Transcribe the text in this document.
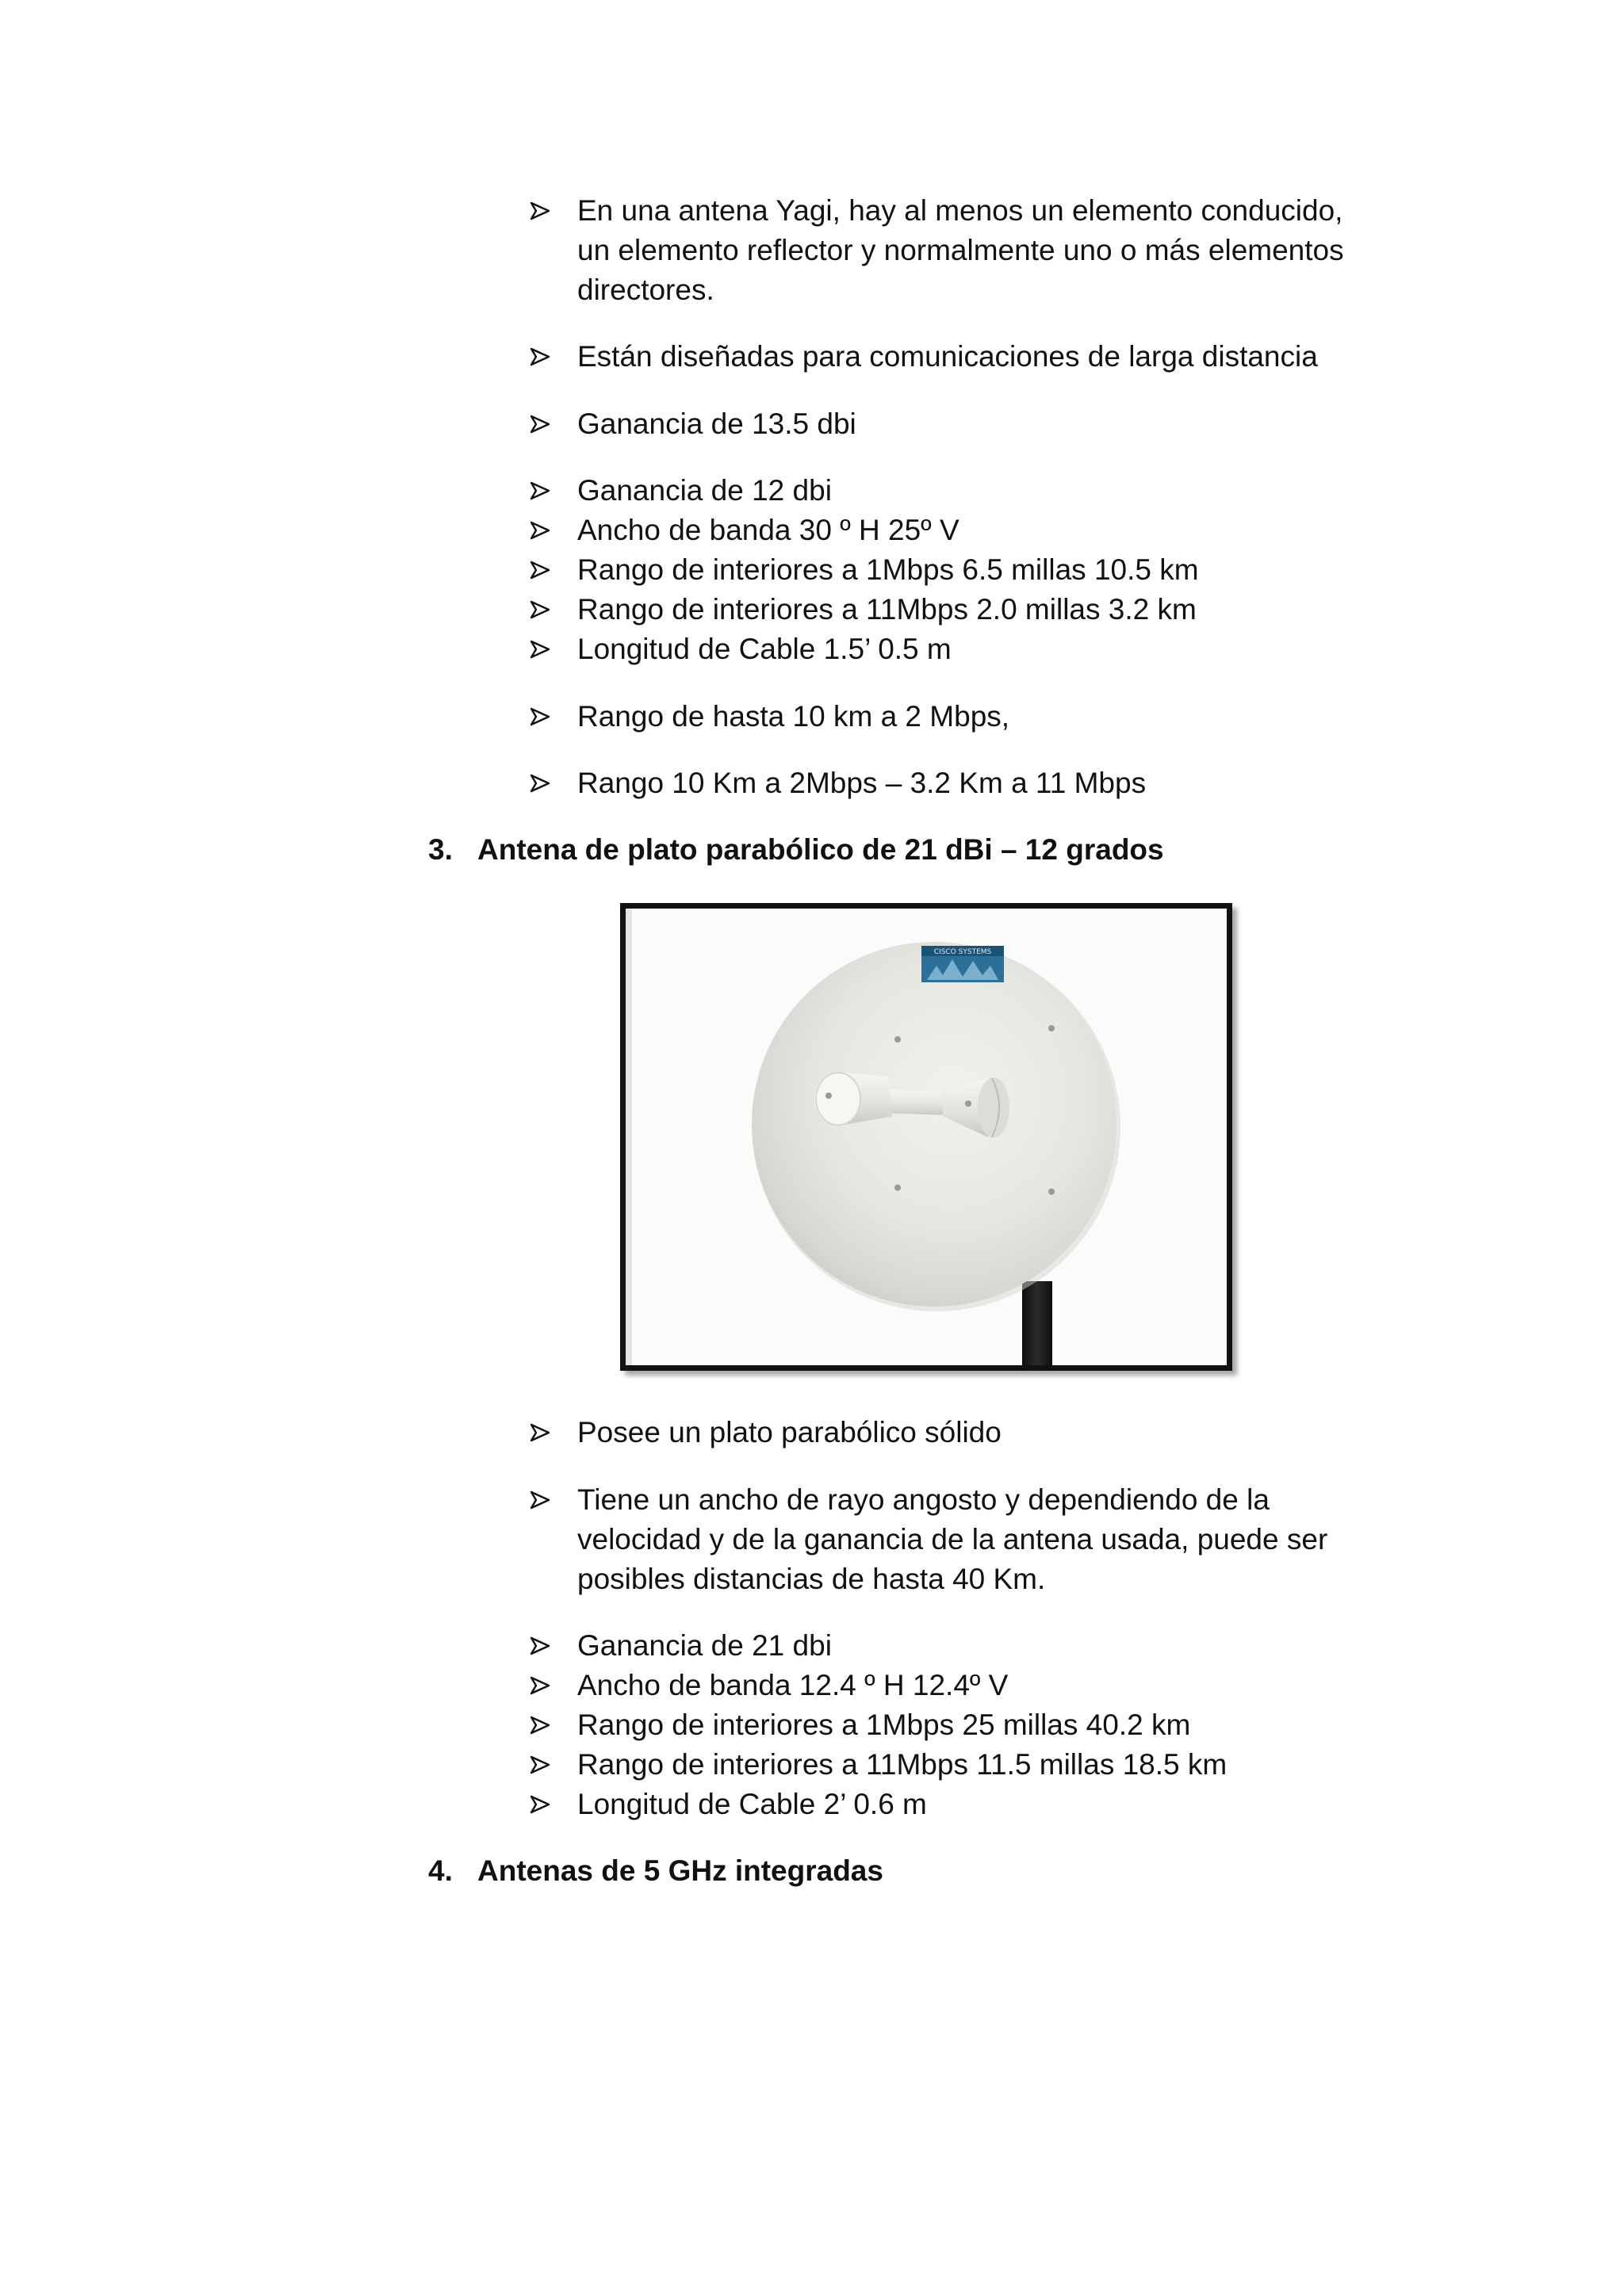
En una antena Yagi, hay al menos un elemento conducido,
un elemento reflector y normalmente uno o más elementos
directores.
Están diseñadas para comunicaciones de larga distancia
Ganancia de 13.5 dbi
Ganancia de 12 dbi
Ancho de banda 30 º H 25º V
Rango de interiores a 1Mbps 6.5 millas 10.5 km
Rango de interiores a 11Mbps 2.0 millas 3.2 km
Longitud de Cable 1.5’ 0.5 m
Rango de hasta 10 km a 2 Mbps,
Rango 10 Km a 2Mbps – 3.2 Km a 11 Mbps
3. Antena de plato parabólico de 21 dBi – 12 grados
CISCO SYSTEMS
Posee un plato parabólico sólido
Tiene un ancho de rayo angosto y dependiendo de la
velocidad y de la ganancia de la antena usada, puede ser
posibles distancias de hasta 40 Km.
Ganancia de 21 dbi
Ancho de banda 12.4 º H 12.4º V
Rango de interiores a 1Mbps 25 millas 40.2 km
Rango de interiores a 11Mbps 11.5 millas 18.5 km
Longitud de Cable 2’ 0.6 m
4. Antenas de 5 GHz integradas
